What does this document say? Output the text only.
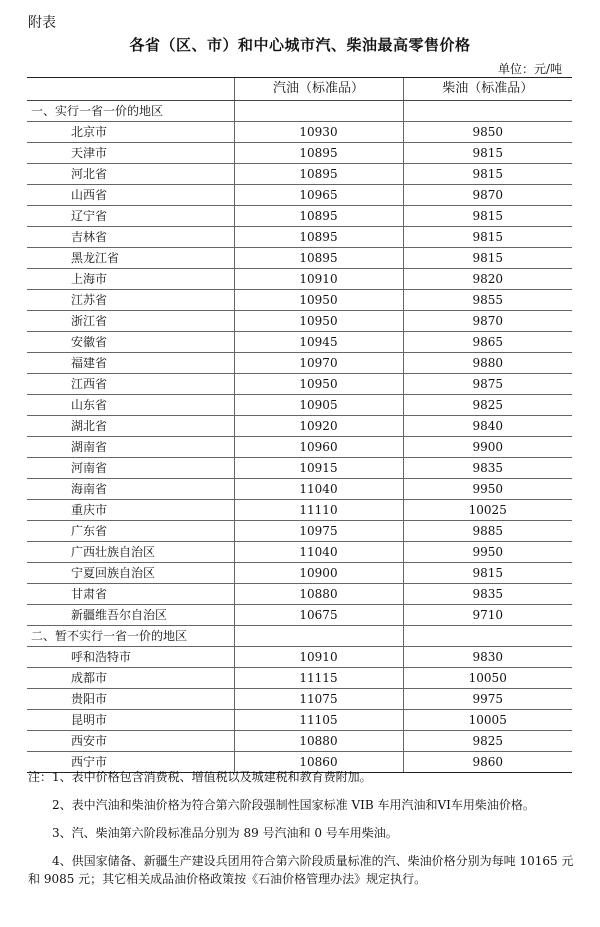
附表
各省（区、市）和中心城市汽、柴油最高零售价格
单位：元/吨
	汽油（标准品）	柴油（标准品）
一、实行一省一价的地区		
北京市	10930	9850
天津市	10895	9815
河北省	10895	9815
山西省	10965	9870
辽宁省	10895	9815
吉林省	10895	9815
黑龙江省	10895	9815
上海市	10910	9820
江苏省	10950	9855
浙江省	10950	9870
安徽省	10945	9865
福建省	10970	9880
江西省	10950	9875
山东省	10905	9825
湖北省	10920	9840
湖南省	10960	9900
河南省	10915	9835
海南省	11040	9950
重庆市	11110	10025
广东省	10975	9885
广西壮族自治区	11040	9950
宁夏回族自治区	10900	9815
甘肃省	10880	9835
新疆维吾尔自治区	10675	9710
二、暂不实行一省一价的地区		
呼和浩特市	10910	9830
成都市	11115	10050
贵阳市	11075	9975
昆明市	11105	10005
西安市	10880	9825
西宁市	10860	9860

注：1、表中价格包含消费税、增值税以及城建税和教育费附加。

2、表中汽油和柴油价格为符合第六阶段强制性国家标准 VIB 车用汽油和VI车用柴油价格。

3、汽、柴油第六阶段标准品分别为 89 号汽油和 0 号车用柴油。

4、供国家储备、新疆生产建设兵团用符合第六阶段质量标准的汽、柴油价格分别为每吨 10165 元和 9085 元；其它相关成品油价格政策按《石油价格管理办法》规定执行。
